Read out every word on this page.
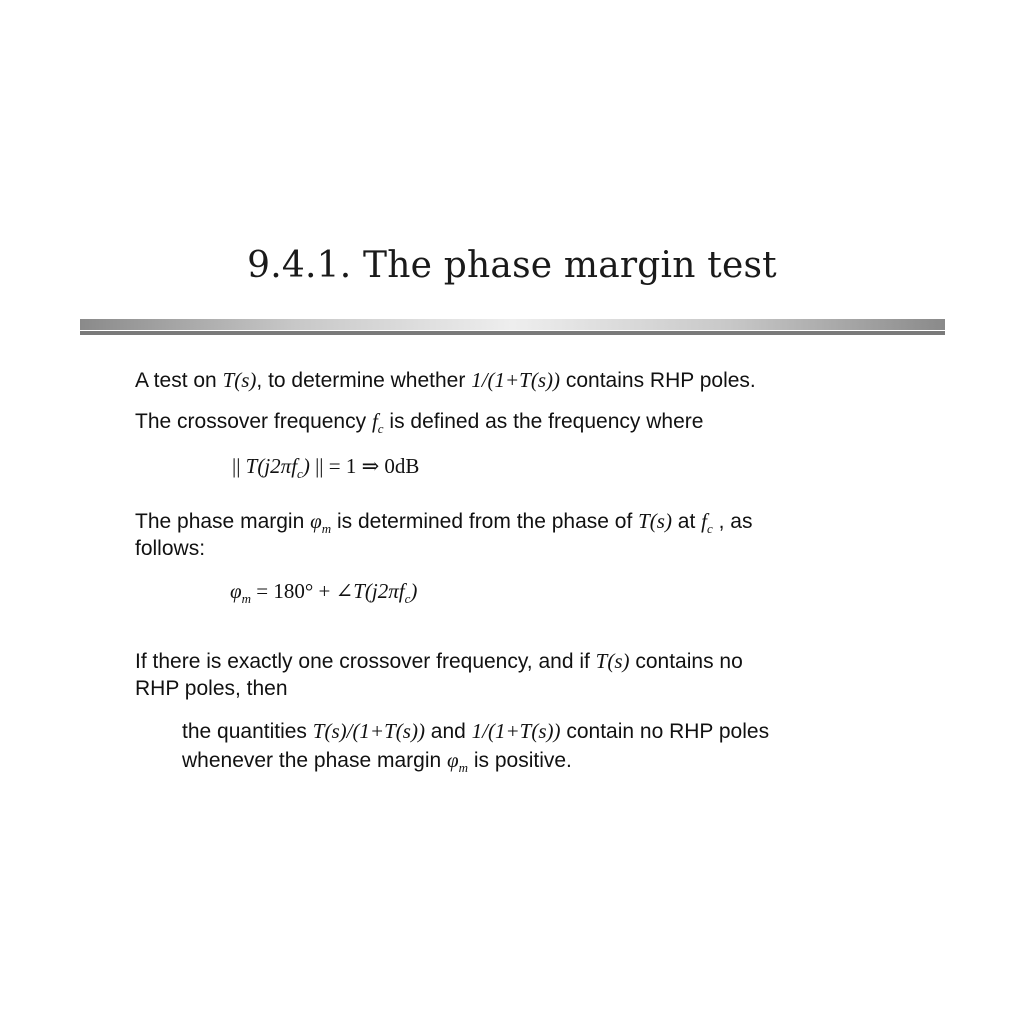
9.4.1. The phase margin test
A test on T(s), to determine whether 1/(1+T(s)) contains RHP poles.
The crossover frequency $f_c$ is defined as the frequency where
|| $T(j2\pi f_c)$ || = 1 ⇒ 0dB
The phase margin $\varphi_m$ is determined from the phase of T(s) at $f_c$ , as
follows:
$\varphi_m = 180^\circ$ + $\angle T(j2\pi f_c)$
If there is exactly one crossover frequency, and if T(s) contains no
RHP poles, then
the quantities T(s)/(1+T(s)) and 1/(1+T(s)) contain no RHP poles
whenever the phase margin $\varphi_m$ is positive.
